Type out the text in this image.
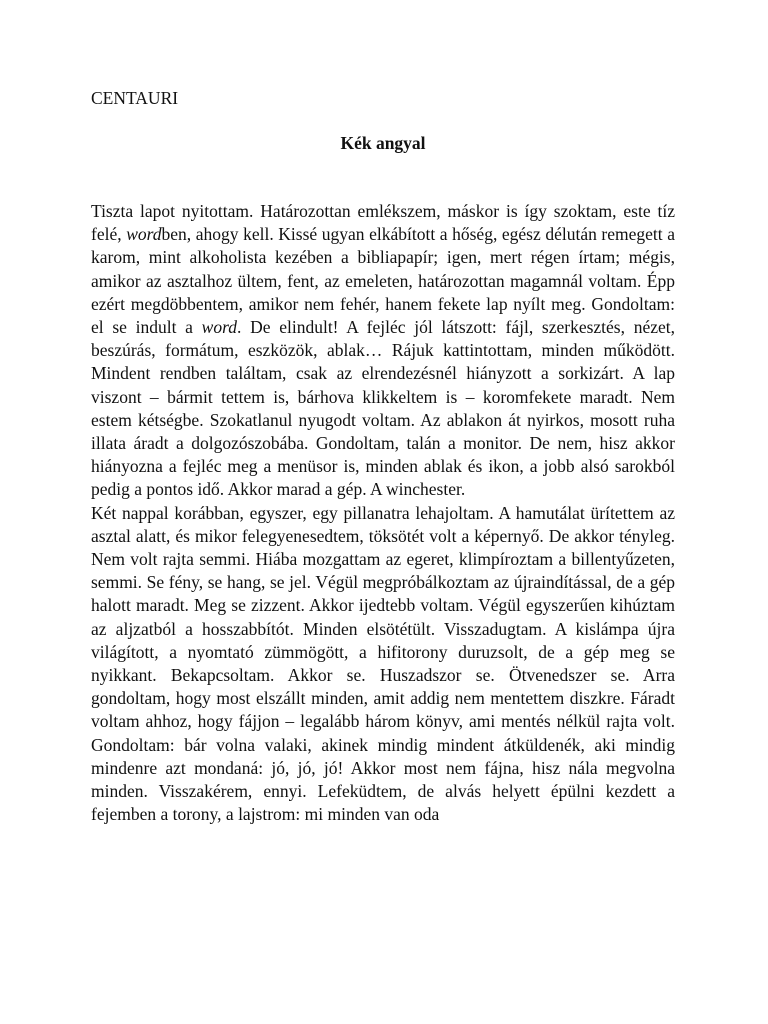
CENTAURI
Kék angyal

Tiszta lapot nyitottam. Határozottan emlékszem, máskor is így szoktam, este tíz felé, wordben, ahogy kell. Kissé ugyan elkábított a hőség, egész délután remegett a karom, mint alkoholista kezében a bibliapapír; igen, mert régen írtam; mégis, amikor az asztalhoz ültem, fent, az emeleten, határozottan magamnál voltam. Épp ezért megdöbbentem, amikor nem fehér, hanem fekete lap nyílt meg. Gondoltam: el se indult a word. De elindult! A fejléc jól látszott: fájl, szerkesztés, nézet, beszúrás, formátum, eszközök, ablak… Rájuk kattintottam, minden működött. Mindent rendben találtam, csak az elrendezésnél hiányzott a sorkizárt. A lap viszont – bármit tettem is, bárhova klikkeltem is – koromfekete maradt. Nem estem kétségbe. Szokatlanul nyugodt voltam. Az ablakon át nyirkos, mosott ruha illata áradt a dolgozószobába. Gondoltam, talán a monitor. De nem, hisz akkor hiányozna a fejléc meg a menüsor is, minden ablak és ikon, a jobb alsó sarokból pedig a pontos idő. Akkor marad a gép. A winchester.

Két nappal korábban, egyszer, egy pillanatra lehajoltam. A hamutálat ürítettem az asztal alatt, és mikor felegyenesedtem, töksötét volt a képernyő. De akkor tényleg. Nem volt rajta semmi. Hiába mozgattam az egeret, klimpíroztam a billentyűzeten, semmi. Se fény, se hang, se jel. Végül megpróbálkoztam az újraindítással, de a gép halott maradt. Meg se zizzent. Akkor ijedtebb voltam. Végül egyszerűen kihúztam az aljzatból a hosszabbítót. Minden elsötétült. Visszadugtam. A kislámpa újra világított, a nyomtató zümmögött, a hifitorony duruzsolt, de a gép meg se nyikkant. Bekapcsoltam. Akkor se. Huszadszor se. Ötvenedszer se. Arra gondoltam, hogy most elszállt minden, amit addig nem mentettem diszkre. Fáradt voltam ahhoz, hogy fájjon – legalább három könyv, ami mentés nélkül rajta volt. Gondoltam: bár volna valaki, akinek mindig mindent átküldenék, aki mindig mindenre azt mondaná: jó, jó, jó! Akkor most nem fájna, hisz nála megvolna minden. Visszakérem, ennyi. Lefeküdtem, de alvás helyett épülni kezdett a fejemben a torony, a lajstrom: mi minden van oda
